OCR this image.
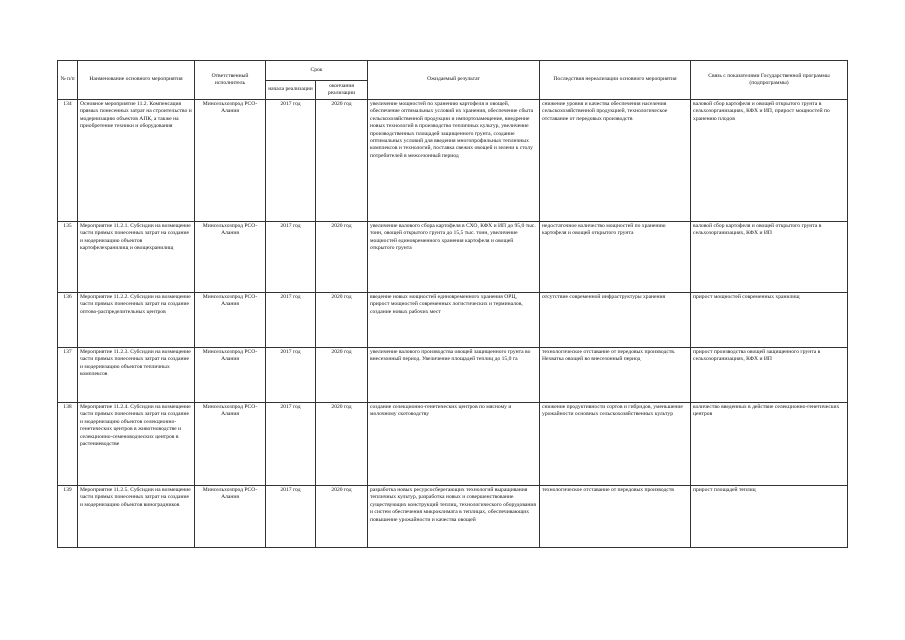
№ п/п	Наименование основного мероприятия	Ответственный исполнитель	Срок		Ожидаемый результат	Последствия нереализации основного мероприятия	Связь с показателями Государственной программы (подпрограммы)
			начала реализации	окончания реализации			
134	Основное мероприятие 11.2. Компенсация прямых понесенных затрат на строительство и модернизацию объектов АПК, а также на приобретение техники и оборудования	Минсельхозпрод РСО-Алания	2017 год	2020 год	увеличение мощностей по хранению картофеля и овощей, обеспечение оптимальных условий их хранения, обеспечение сбыта сельскохозяйственной продукции и импортозамещение, внедрение новых технологий в производство тепличных культур, увеличение производственных площадей защищенного грунта, создание оптимальных условий для введения многопрофильных тепличных комплексов и технологий, поставка свежих овощей и зелени к столу потребителей в межсезонный период	снижение уровня и качества обеспечения населения сельскохозяйственной продукцией, технологическое отставание от передовых производств	валовой сбор картофеля и овощей открытого грунта в сельхозорганизациях, КФХ и ИП, прирост мощностей по хранению плодов
135	Мероприятие 11.2.1. Субсидии на возмещение части прямых понесенных затрат на создание и модернизацию объектов картофелехранилищ и овощехранилищ	Минсельхозпрод РСО-Алания	2017 год	2020 год	увеличение валового сбора картофеля в СХО, КФХ и ИП до 95,0 тыс. тонн, овощей открытого грунта до 15,5 тыс. тонн, увеличение мощностей единовременного хранения картофеля и овощей открытого грунта	недостаточное количество мощностей по хранению картофеля и овощей открытого грунта	валовой сбор картофеля и овощей открытого грунта в сельхозорганизациях, КФХ и ИП
136	Мероприятие 11.2.2. Субсидии на возмещение части прямых понесенных затрат на создание оптово-распределительных центров	Минсельхозпрод РСО-Алания	2017 год	2020 год	введение новых мощностей единовременного хранения ОРЦ, прирост мощностей современных логистических и терминалов, создание новых рабочих мест	отсутствие современной инфраструктуры хранения	прирост мощностей современных хранилищ
137	Мероприятие 11.2.3. Субсидии на возмещение части прямых понесенных затрат на создание и модернизацию объектов тепличных комплексов	Минсельхозпрод РСО-Алания	2017 год	2020 год	увеличение валового производства овощей защищенного грунта во внесезонный период. Увеличение площадей теплиц до 15,0 га	технологическое отставание от передовых производств. Нехватка овощей во внесезонный период	прирост производства овощей защищенного грунта в сельхозорганизациях, КФХ и ИП
138	Мероприятие 11.2.4. Субсидии на возмещение части прямых понесенных затрат на создание и модернизацию объектов селекционно-генетических центров в животноводстве и селекционно-семеноводческих центров в растениеводстве	Минсельхозпрод РСО-Алания	2017 год	2020 год	создание селекционно-генетических центров по мясному и молочному скотоводству	снижение продуктивности сортов и гибридов, уменьшение урожайности основных сельскохозяйственных культур	количество введенных в действие селекционно-генетических центров
139	Мероприятие 11.2.5. Субсидии на возмещение части прямых понесенных затрат на создание и модернизацию объектов виноградников	Минсельхозпрод РСО-Алания	2017 год	2020 год	разработка новых ресурсосберегающих технологий выращивания тепличных культур, разработка новых и совершенствование существующих конструкций теплиц, технологического оборудования и систем обеспечения микроклимата в теплицах, обеспечивающих повышение урожайности и качества овощей	технологическое отставание от передовых производств	прирост площадей теплиц
